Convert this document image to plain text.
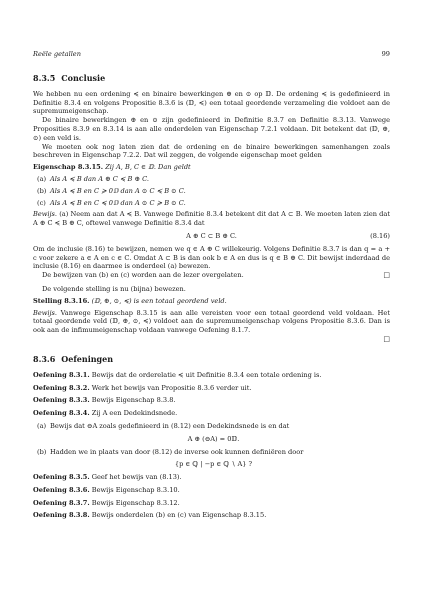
Reële getallen	99
8.3.5 Conclusie

We hebben nu een ordening ≼ en binaire bewerkingen ⊕ en ⊙ op 𝔻. De ordening ≼ is gedefinieerd in Definitie 8.3.4 en volgens Propositie 8.3.6 is (𝔻, ≼) een totaal geordende verzameling die voldoet aan de supremumeigenschap.

De binaire bewerkingen ⊕ en ⊙ zijn gedefinieerd in Definitie 8.3.7 en Definitie 8.3.13. Vanwege Proposities 8.3.9 en 8.3.14 is aan alle onderdelen van Eigenschap 7.2.1 voldaan. Dit betekent dat (𝔻, ⊕, ⊙) een veld is.

We moeten ook nog laten zien dat de ordening en de binaire bewerkingen samenhangen zoals beschreven in Eigenschap 7.2.2. Dat wil zeggen, de volgende eigenschap moet gelden

Eigenschap 8.3.15. Zij A, B, C ∈ 𝔻. Dan geldt

(a) Als A ≼ B dan A ⊕ C ≼ B ⊕ C.
(b) Als A ≼ B en C ≽ 0𝔻 dan A ⊙ C ≼ B ⊙ C.
(c) Als A ≼ B en C ≼ 0𝔻 dan A ⊙ C ≽ B ⊙ C.

Bewijs. (a) Neem aan dat A ≼ B. Vanwege Definitie 8.3.4 betekent dit dat A ⊂ B. We moeten laten zien dat A ⊕ C ≼ B ⊕ C, oftewel vanwege Definitie 8.3.4 dat

A ⊕ C ⊂ B ⊕ C.	(8.16)

Om de inclusie (8.16) te bewijzen, nemen we q ∈ A ⊕ C willekeurig. Volgens Definitie 8.3.7 is dan q = a + c voor zekere a ∈ A en c ∈ C. Omdat A ⊂ B is dan ook b ∈ A en dus is q ∈ B ⊕ C. Dit bewijst inderdaad de inclusie (8.16) en daarmee is onderdeel (a) bewezen.

De bewijzen van (b) en (c) worden aan de lezer overgelaten.	□

De volgende stelling is nu (bijna) bewezen.

Stelling 8.3.16. (𝔻, ⊕, ⊙, ≼) is een totaal geordend veld.

Bewijs. Vanwege Eigenschap 8.3.15 is aan alle vereisten voor een totaal geordend veld voldaan. Het totaal geordende veld (𝔻, ⊕, ⊙, ≼) voldoet aan de supremumeigenschap volgens Propositie 8.3.6. Dan is ook aan de infimumeigenschap voldaan vanwege Oefening 8.1.7.

□

8.3.6 Oefeningen

Oefening 8.3.1. Bewijs dat de orderelatie ≼ uit Definitie 8.3.4 een totale ordening is.

Oefening 8.3.2. Werk het bewijs van Propositie 8.3.6 verder uit.

Oefening 8.3.3. Bewijs Eigenschap 8.3.8.

Oefening 8.3.4. Zij A een Dedekindsnede.

(a) Bewijs dat ⊖A zoals gedefinieerd in (8.12) een Dedekindsnede is en dat
A ⊕ (⊖A) = 0𝔻.
(b) Hadden we in plaats van door (8.12) de inverse ook kunnen definiëren door
{p ∈ ℚ | −p ∈ ℚ ∖ A} ?

Oefening 8.3.5. Geef het bewijs van (8.13).

Oefening 8.3.6. Bewijs Eigenschap 8.3.10.

Oefening 8.3.7. Bewijs Eigenschap 8.3.12.

Oefening 8.3.8. Bewijs onderdelen (b) en (c) van Eigenschap 8.3.15.
